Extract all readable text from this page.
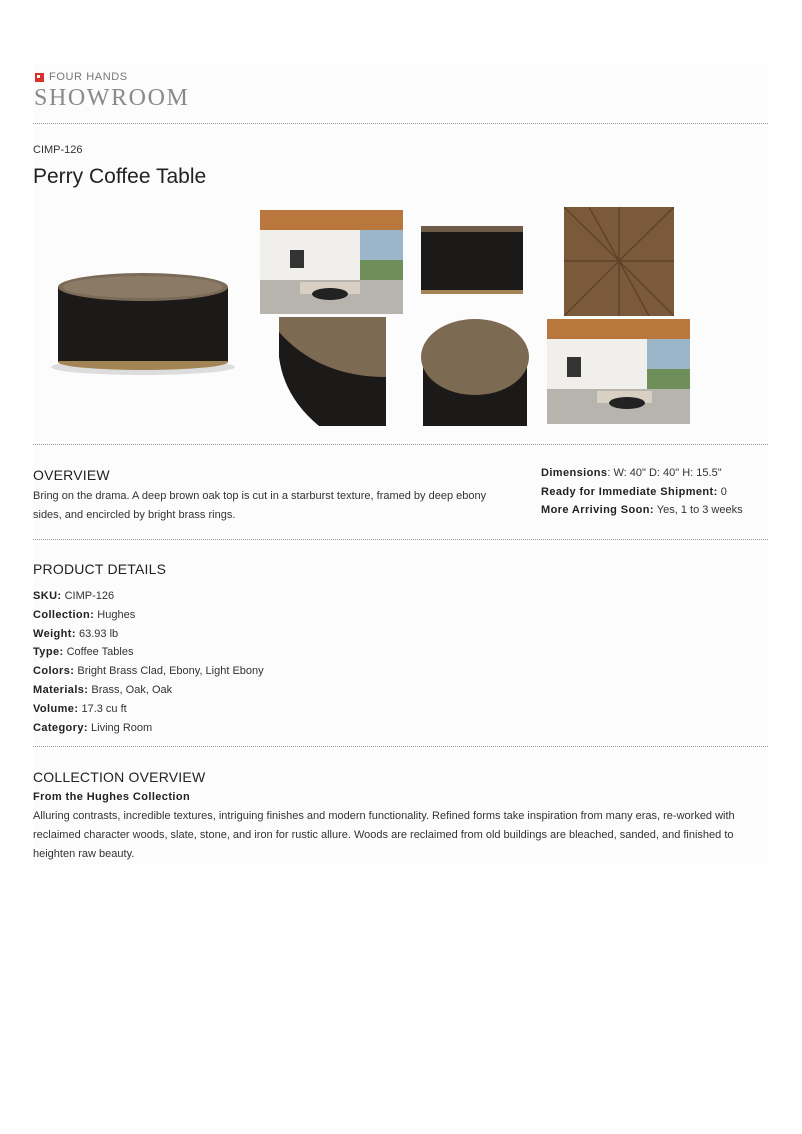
FOUR HANDS
SHOWROOM
CIMP-126
Perry Coffee Table
OVERVIEW
Bring on the drama. A deep brown oak top is cut in a starburst texture, framed by deep ebony sides, and encircled by bright brass rings.
Dimensions: W: 40" D: 40" H: 15.5"
Ready for Immediate Shipment: 0
More Arriving Soon: Yes, 1 to 3 weeks
PRODUCT DETAILS
SKU: CIMP-126
Collection: Hughes
Weight: 63.93 lb
Type: Coffee Tables
Colors: Bright Brass Clad, Ebony, Light Ebony
Materials: Brass, Oak, Oak
Volume: 17.3 cu ft
Category: Living Room
COLLECTION OVERVIEW
From the Hughes Collection
Alluring contrasts, incredible textures, intriguing finishes and modern functionality. Refined forms take inspiration from many eras, re-worked with reclaimed character woods, slate, stone, and iron for rustic allure. Woods are reclaimed from old buildings are bleached, sanded, and finished to heighten raw beauty.
